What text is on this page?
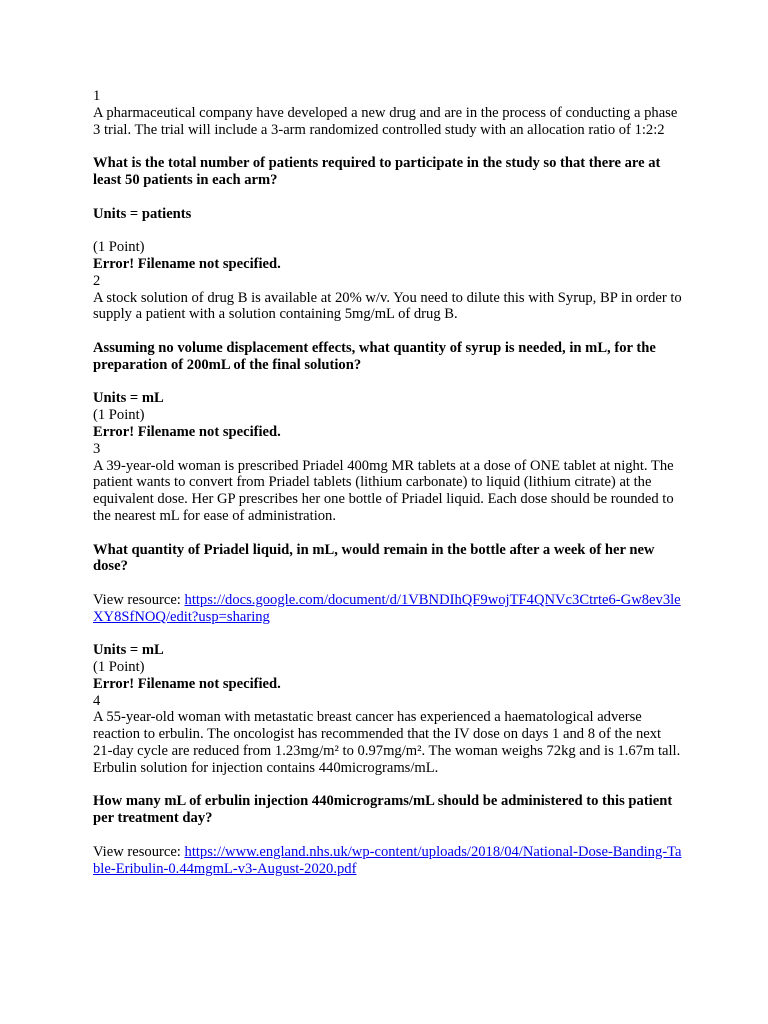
1

A pharmaceutical company have developed a new drug and are in the process of conducting a phase 3 trial. The trial will include a 3-arm randomized controlled study with an allocation ratio of 1:2:2

What is the total number of patients required to participate in the study so that there are at least 50 patients in each arm?

Units = patients

(1 Point)

Error! Filename not specified.

2

A stock solution of drug B is available at 20% w/v. You need to dilute this with Syrup, BP in order to supply a patient with a solution containing 5mg/mL of drug B.

Assuming no volume displacement effects, what quantity of syrup is needed, in mL, for the preparation of 200mL of the final solution?

Units = mL

(1 Point)

Error! Filename not specified.

3

A 39-year-old woman is prescribed Priadel 400mg MR tablets at a dose of ONE tablet at night. The patient wants to convert from Priadel tablets (lithium carbonate) to liquid (lithium citrate) at the equivalent dose. Her GP prescribes her one bottle of Priadel liquid. Each dose should be rounded to the nearest mL for ease of administration.

What quantity of Priadel liquid, in mL, would remain in the bottle after a week of her new dose?

View resource: https://docs.google.com/document/d/1VBNDIhQF9wojTF4QNVc3Ctrte6-Gw8ev3leXY8SfNOQ/edit?usp=sharing

Units = mL

(1 Point)

Error! Filename not specified.

4

A 55-year-old woman with metastatic breast cancer has experienced a haematological adverse reaction to erbulin. The oncologist has recommended that the IV dose on days 1 and 8 of the next 21-day cycle are reduced from 1.23mg/m² to 0.97mg/m². The woman weighs 72kg and is 1.67m tall. Erbulin solution for injection contains 440micrograms/mL.

How many mL of erbulin injection 440micrograms/mL should be administered to this patient per treatment day?

View resource: https://www.england.nhs.uk/wp-content/uploads/2018/04/National-Dose-Banding-Table-Eribulin-0.44mgmL-v3-August-2020.pdf
